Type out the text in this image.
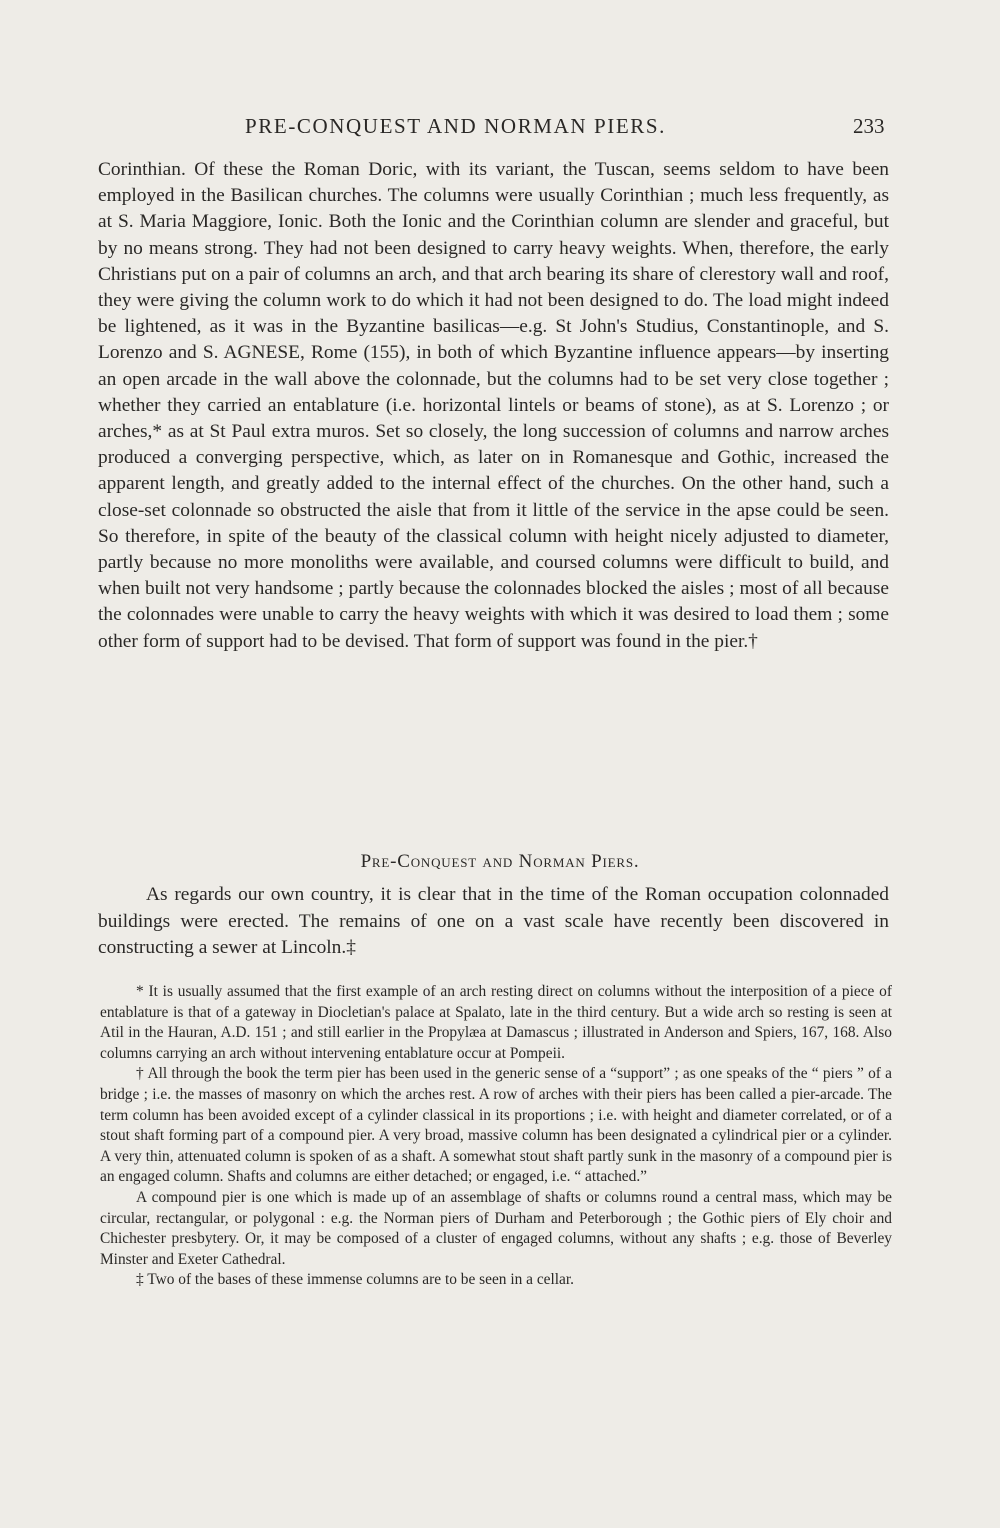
PRE-CONQUEST AND NORMAN PIERS.	233

Corinthian. Of these the Roman Doric, with its variant, the Tuscan, seems seldom to have been employed in the Basilican churches. The columns were usually Corinthian ; much less frequently, as at S. Maria Maggiore, Ionic. Both the Ionic and the Corinthian column are slender and graceful, but by no means strong. They had not been designed to carry heavy weights. When, therefore, the early Christians put on a pair of columns an arch, and that arch bearing its share of clerestory wall and roof, they were giving the column work to do which it had not been designed to do. The load might indeed be lightened, as it was in the Byzantine basilicas—e.g. St John's Studius, Constantinople, and S. Lorenzo and S. AGNESE, Rome (155), in both of which Byzantine influence appears—by inserting an open arcade in the wall above the colonnade, but the columns had to be set very close together ; whether they carried an entablature (i.e. horizontal lintels or beams of stone), as at S. Lorenzo ; or arches,* as at St Paul extra muros. Set so closely, the long succession of columns and narrow arches produced a converging perspective, which, as later on in Romanesque and Gothic, increased the apparent length, and greatly added to the internal effect of the churches. On the other hand, such a close-set colonnade so obstructed the aisle that from it little of the service in the apse could be seen. So therefore, in spite of the beauty of the classical column with height nicely adjusted to diameter, partly because no more monoliths were available, and coursed columns were difficult to build, and when built not very handsome ; partly because the colonnades blocked the aisles ; most of all because the colonnades were unable to carry the heavy weights with which it was desired to load them ; some other form of support had to be devised. That form of support was found in the pier.†

Pre-Conquest and Norman Piers.

As regards our own country, it is clear that in the time of the Roman occupation colonnaded buildings were erected. The remains of one on a vast scale have recently been discovered in constructing a sewer at Lincoln.‡

* It is usually assumed that the first example of an arch resting direct on columns without the interposition of a piece of entablature is that of a gateway in Diocletian's palace at Spalato, late in the third century. But a wide arch so resting is seen at Atil in the Hauran, A.D. 151 ; and still earlier in the Propylæa at Damascus ; illustrated in Anderson and Spiers, 167, 168. Also columns carrying an arch without intervening entablature occur at Pompeii.

† All through the book the term pier has been used in the generic sense of a “support” ; as one speaks of the “ piers ” of a bridge ; i.e. the masses of masonry on which the arches rest. A row of arches with their piers has been called a pier-arcade. The term column has been avoided except of a cylinder classical in its proportions ; i.e. with height and diameter correlated, or of a stout shaft forming part of a compound pier. A very broad, massive column has been designated a cylindrical pier or a cylinder. A very thin, attenuated column is spoken of as a shaft. A somewhat stout shaft partly sunk in the masonry of a compound pier is an engaged column. Shafts and columns are either detached; or engaged, i.e. “ attached.”

A compound pier is one which is made up of an assemblage of shafts or columns round a central mass, which may be circular, rectangular, or polygonal : e.g. the Norman piers of Durham and Peterborough ; the Gothic piers of Ely choir and Chichester presbytery. Or, it may be composed of a cluster of engaged columns, without any shafts ; e.g. those of Beverley Minster and Exeter Cathedral.

‡ Two of the bases of these immense columns are to be seen in a cellar.
